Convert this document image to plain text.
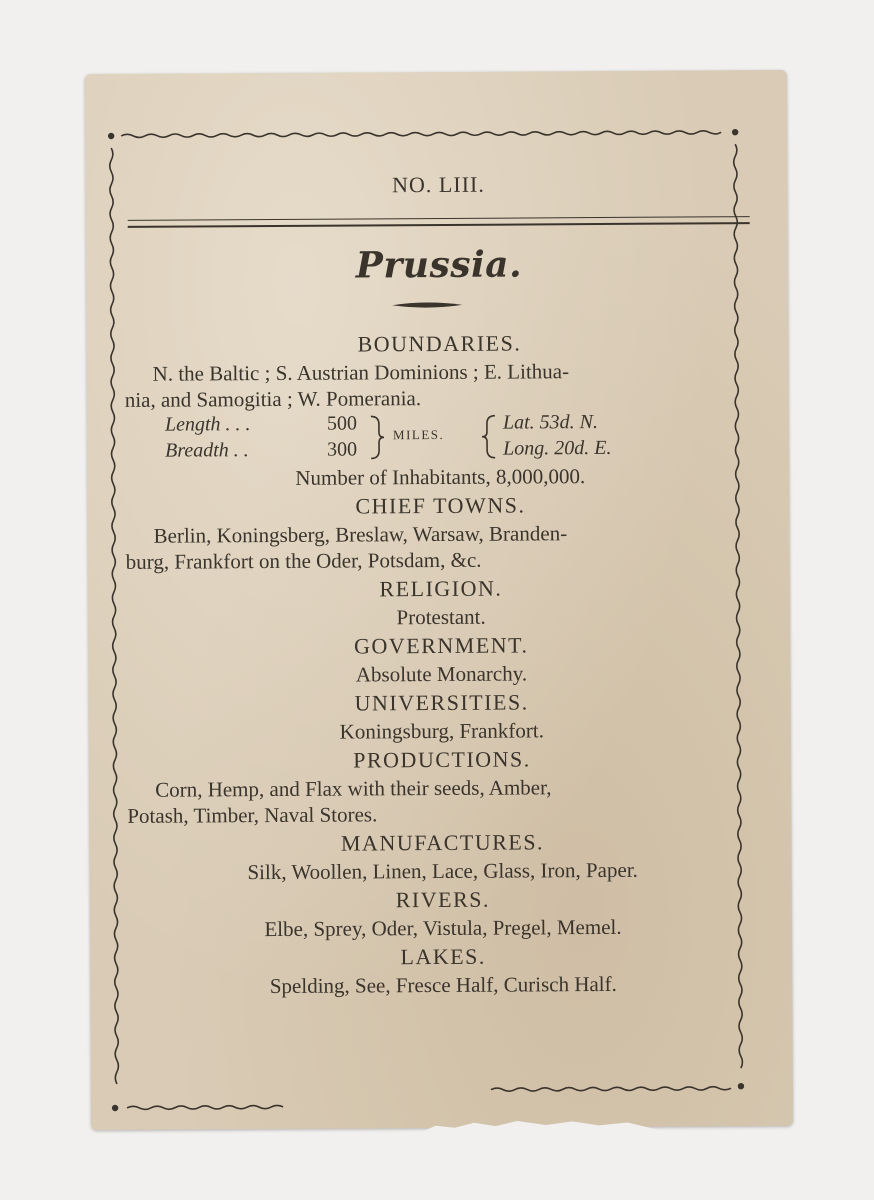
NO. LIII.

Prussia.

BOUNDARIES.

N. the Baltic ; S. Austrian Dominions ; E. Lithua-

nia, and Samogitia ; W. Pomerania.

Length . . .	500
Breadth . .	300
MILES.
Lat. 53d. N.
Long. 20d. E.

Number of Inhabitants, 8,000,000.

CHIEF TOWNS.

Berlin, Koningsberg, Breslaw, Warsaw, Branden-

burg, Frankfort on the Oder, Potsdam, &c.

RELIGION.

Protestant.

GOVERNMENT.

Absolute Monarchy.

UNIVERSITIES.

Koningsburg, Frankfort.

PRODUCTIONS.

Corn, Hemp, and Flax with their seeds, Amber,

Potash, Timber, Naval Stores.

MANUFACTURES.

Silk, Woollen, Linen, Lace, Glass, Iron, Paper.

RIVERS.

Elbe, Sprey, Oder, Vistula, Pregel, Memel.

LAKES.

Spelding, See, Fresce Half, Curisch Half.
